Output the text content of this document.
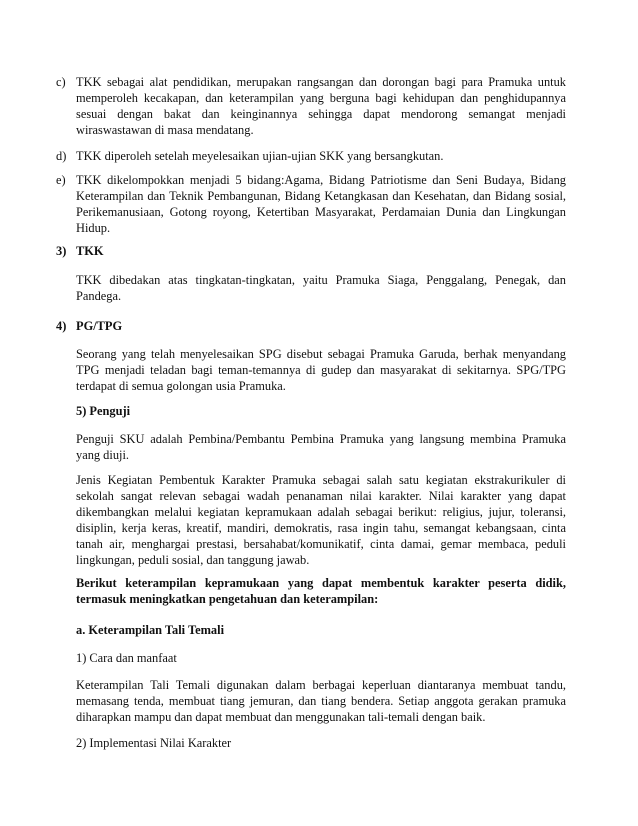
c) TKK sebagai alat pendidikan, merupakan rangsangan dan dorongan bagi para Pramuka untuk memperoleh kecakapan, dan keterampilan yang berguna bagi kehidupan dan penghidupannya sesuai dengan bakat dan keinginannya sehingga dapat mendorong semangat menjadi wiraswastawan di masa mendatang.
d) TKK diperoleh setelah meyelesaikan ujian-ujian SKK yang bersangkutan.
e) TKK dikelompokkan menjadi 5 bidang:Agama, Bidang Patriotisme dan Seni Budaya, Bidang Keterampilan dan Teknik Pembangunan, Bidang Ketangkasan dan Kesehatan, dan Bidang sosial, Perikemanusiaan, Gotong royong, Ketertiban Masyarakat, Perdamaian Dunia dan Lingkungan Hidup.
3) TKK

TKK dibedakan atas tingkatan-tingkatan, yaitu Pramuka Siaga, Penggalang, Penegak, dan Pandega.

4) PG/TPG

Seorang yang telah menyelesaikan SPG disebut sebagai Pramuka Garuda, berhak menyandang TPG menjadi teladan bagi teman-temannya di gudep dan masyarakat di sekitarnya. SPG/TPG terdapat di semua golongan usia Pramuka.

5) Penguji

Penguji SKU adalah Pembina/Pembantu Pembina Pramuka yang langsung membina Pramuka yang diuji.

Jenis Kegiatan Pembentuk Karakter Pramuka sebagai salah satu kegiatan ekstrakurikuler di sekolah sangat relevan sebagai wadah penanaman nilai karakter. Nilai karakter yang dapat dikembangkan melalui kegiatan kepramukaan adalah sebagai berikut: religius, jujur, toleransi, disiplin, kerja keras, kreatif, mandiri, demokratis, rasa ingin tahu, semangat kebangsaan, cinta tanah air, menghargai prestasi, bersahabat/komunikatif, cinta damai, gemar membaca, peduli lingkungan, peduli sosial, dan tanggung jawab.

Berikut keterampilan kepramukaan yang dapat membentuk karakter peserta didik, termasuk meningkatkan pengetahuan dan keterampilan:

a. Keterampilan Tali Temali

1) Cara dan manfaat

Keterampilan Tali Temali digunakan dalam berbagai keperluan diantaranya membuat tandu, memasang tenda, membuat tiang jemuran, dan tiang bendera. Setiap anggota gerakan pramuka diharapkan mampu dan dapat membuat dan menggunakan tali-temali dengan baik.

2) Implementasi Nilai Karakter
